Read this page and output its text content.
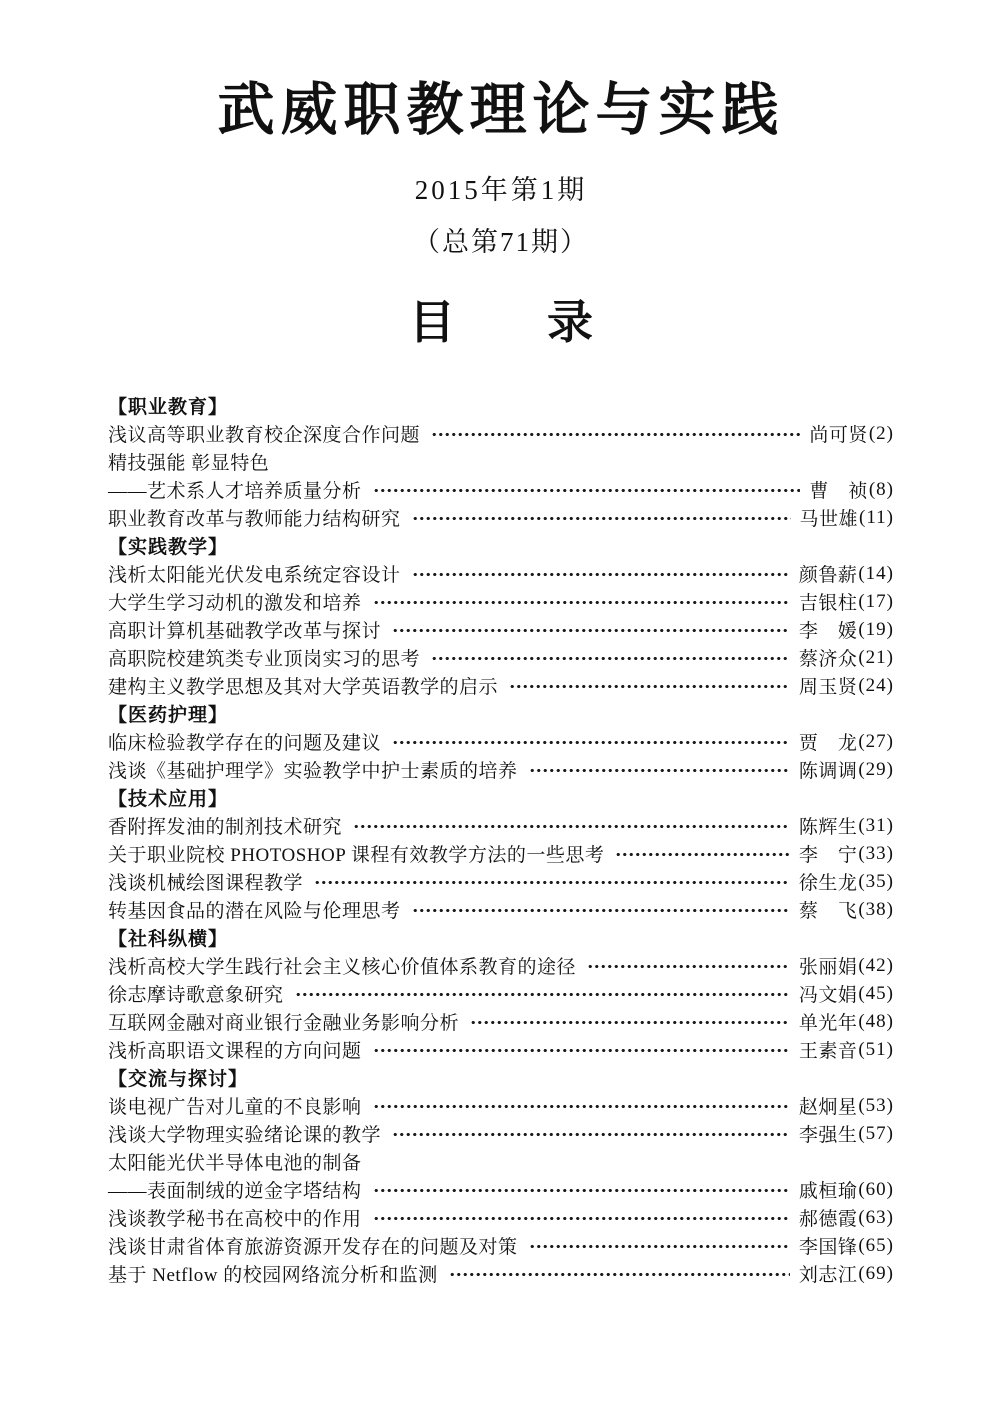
武威职教理论与实践
2015年第1期
（总第71期）
目　　录
【职业教育】
浅议高等职业教育校企深度合作问题	尚可贤 (2)
精技强能 彰显特色
——艺术系人才培养质量分析	曹　祯 (8)
职业教育改革与教师能力结构研究	马世雄 (11)
【实践教学】
浅析太阳能光伏发电系统定容设计	颜鲁薪 (14)
大学生学习动机的激发和培养	吉银柱 (17)
高职计算机基础教学改革与探讨	李　媛 (19)
高职院校建筑类专业顶岗实习的思考	蔡济众 (21)
建构主义教学思想及其对大学英语教学的启示	周玉贤 (24)
【医药护理】
临床检验教学存在的问题及建议	贾　龙 (27)
浅谈《基础护理学》实验教学中护士素质的培养	陈调调 (29)
【技术应用】
香附挥发油的制剂技术研究	陈辉生 (31)
关于职业院校 PHOTOSHOP 课程有效教学方法的一些思考	李　宁 (33)
浅谈机械绘图课程教学	徐生龙 (35)
转基因食品的潜在风险与伦理思考	蔡　飞 (38)
【社科纵横】
浅析高校大学生践行社会主义核心价值体系教育的途径	张丽娟 (42)
徐志摩诗歌意象研究	冯文娟 (45)
互联网金融对商业银行金融业务影响分析	单光年 (48)
浅析高职语文课程的方向问题	王素音 (51)
【交流与探讨】
谈电视广告对儿童的不良影响	赵炯星 (53)
浅谈大学物理实验绪论课的教学	李强生 (57)
太阳能光伏半导体电池的制备
——表面制绒的逆金字塔结构	戚桓瑜 (60)
浅谈教学秘书在高校中的作用	郝德霞 (63)
浅谈甘肃省体育旅游资源开发存在的问题及对策	李国锋 (65)
基于 Netflow 的校园网络流分析和监测	刘志江 (69)
